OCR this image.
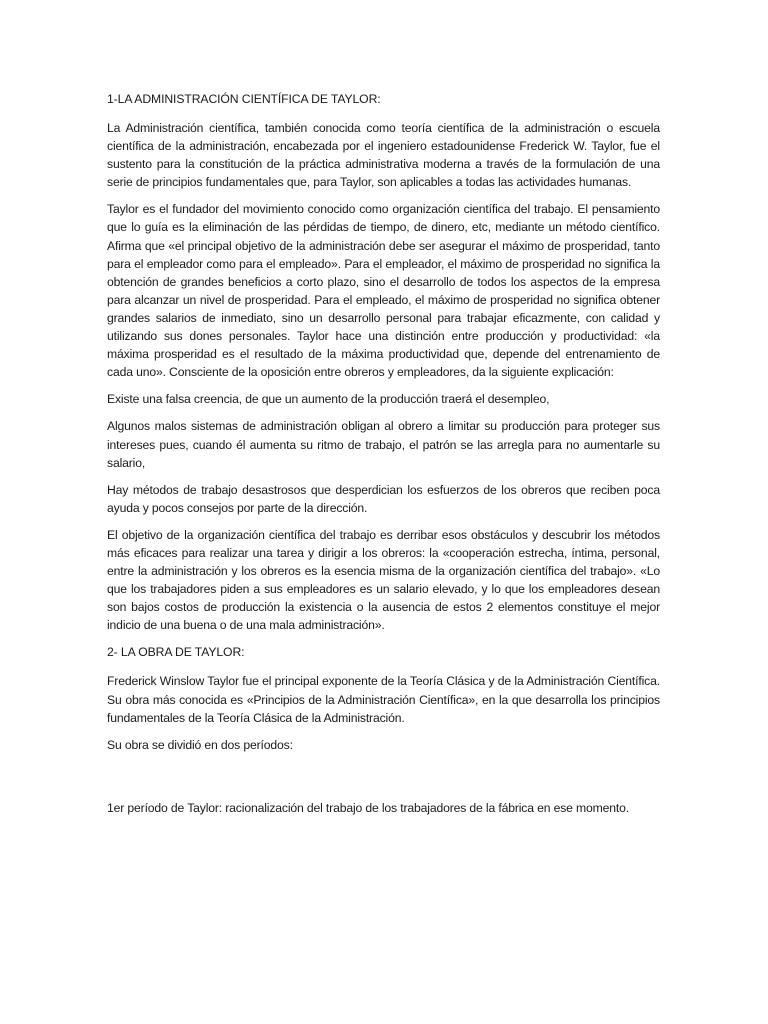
1-LA ADMINISTRACIÓN CIENTÍFICA DE TAYLOR:

La Administración científica, también conocida como teoría científica de la administración o escuela científica de la administración, encabezada por el ingeniero estadounidense Frederick W. Taylor, fue el sustento para la constitución de la práctica administrativa moderna a través de la formulación de una serie de principios fundamentales que, para Taylor, son aplicables a todas las actividades humanas.

Taylor es el fundador del movimiento conocido como organización científica del trabajo. El pensamiento que lo guía es la eliminación de las pérdidas de tiempo, de dinero, etc, mediante un método científico. Afirma que «el principal objetivo de la administración debe ser asegurar el máximo de prosperidad, tanto para el empleador como para el empleado». Para el empleador, el máximo de prosperidad no significa la obtención de grandes beneficios a corto plazo, sino el desarrollo de todos los aspectos de la empresa para alcanzar un nivel de prosperidad. Para el empleado, el máximo de prosperidad no significa obtener grandes salarios de inmediato, sino un desarrollo personal para trabajar eficazmente, con calidad y utilizando sus dones personales. Taylor hace una distinción entre producción y productividad: «la máxima prosperidad es el resultado de la máxima productividad que, depende del entrenamiento de cada uno». Consciente de la oposición entre obreros y empleadores, da la siguiente explicación:

Existe una falsa creencia, de que un aumento de la producción traerá el desempleo,

Algunos malos sistemas de administración obligan al obrero a limitar su producción para proteger sus intereses pues, cuando él aumenta su ritmo de trabajo, el patrón se las arregla para no aumentarle su salario,

Hay métodos de trabajo desastrosos que desperdician los esfuerzos de los obreros que reciben poca ayuda y pocos consejos por parte de la dirección.

El objetivo de la organización científica del trabajo es derribar esos obstáculos y descubrir los métodos más eficaces para realizar una tarea y dirigir a los obreros: la «cooperación estrecha, íntima, personal, entre la administración y los obreros es la esencia misma de la organización científica del trabajo». «Lo que los trabajadores piden a sus empleadores es un salario elevado, y lo que los empleadores desean son bajos costos de producción la existencia o la ausencia de estos 2 elementos constituye el mejor indicio de una buena o de una mala administración».

2- LA OBRA DE TAYLOR:

Frederick Winslow Taylor fue el principal exponente de la Teoría Clásica y de la Administración Científica. Su obra más conocida es «Principios de la Administración Científica», en la que desarrolla los principios fundamentales de la Teoría Clásica de la Administración.

Su obra se dividió en dos períodos:

1er período de Taylor: racionalización del trabajo de los trabajadores de la fábrica en ese momento.
